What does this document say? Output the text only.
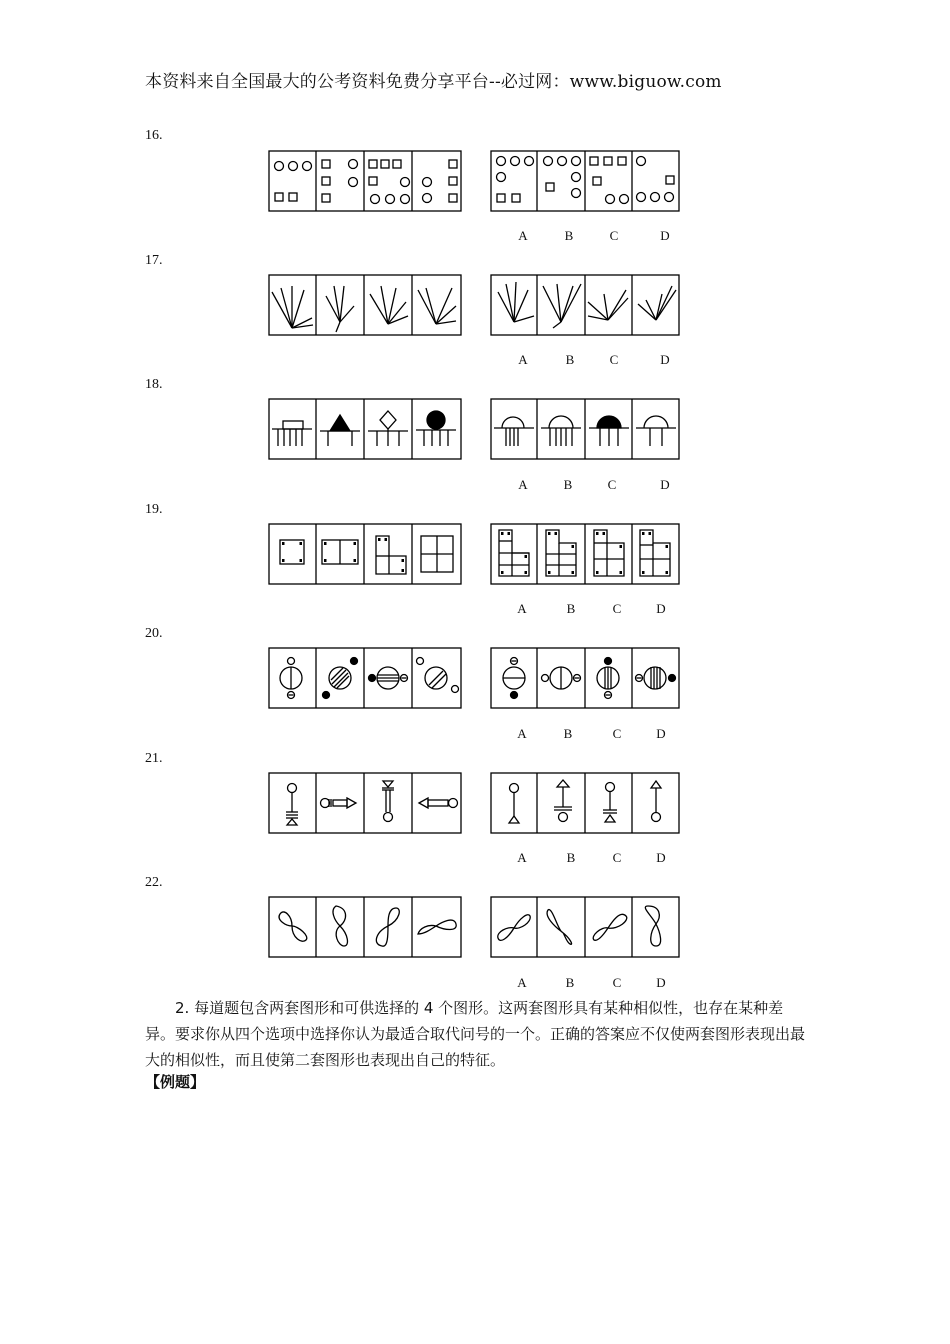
本资料来自全国最大的公考资料免费分享平台--必过网：www.biguow.com
16.
A	B	C	D
17.
A	B	C	D
18.
A	B	C	D
19.
A	B	C	D
20.
A	B	C	D
21.
A	B	C	D
22.
A	B	C	D

2. 每道题包含两套图形和可供选择的 4 个图形。这两套图形具有某种相似性，也存在某种差异。要求你从四个选项中选择你认为最适合取代问号的一个。正确的答案应不仅使两套图形表现出最大的相似性，而且使第二套图形也表现出自己的特征。

【例题】
